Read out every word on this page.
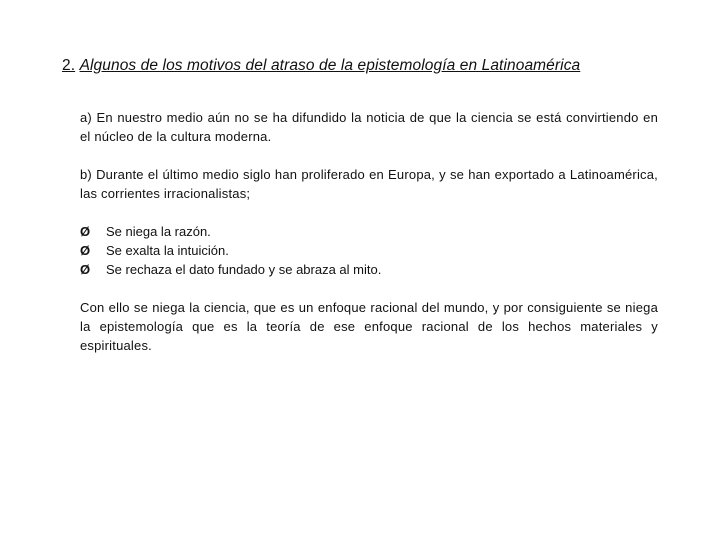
2. Algunos de los motivos del atraso de la epistemología en Latinoamérica

a) En nuestro medio aún no se ha difundido la noticia de que la ciencia se está convirtiendo en el núcleo de la cultura moderna.

b) Durante el último medio siglo han proliferado en Europa, y se han exportado a Latinoamérica, las corrientes irracionalistas;

Ø	Se niega la razón.
Ø	Se exalta la intuición.
Ø	Se rechaza el dato fundado y se abraza al mito.

Con ello se niega la ciencia, que es un enfoque racional del mundo, y por consiguiente se niega la epistemología que es la teoría de ese enfoque racional de los hechos materiales y espirituales.
